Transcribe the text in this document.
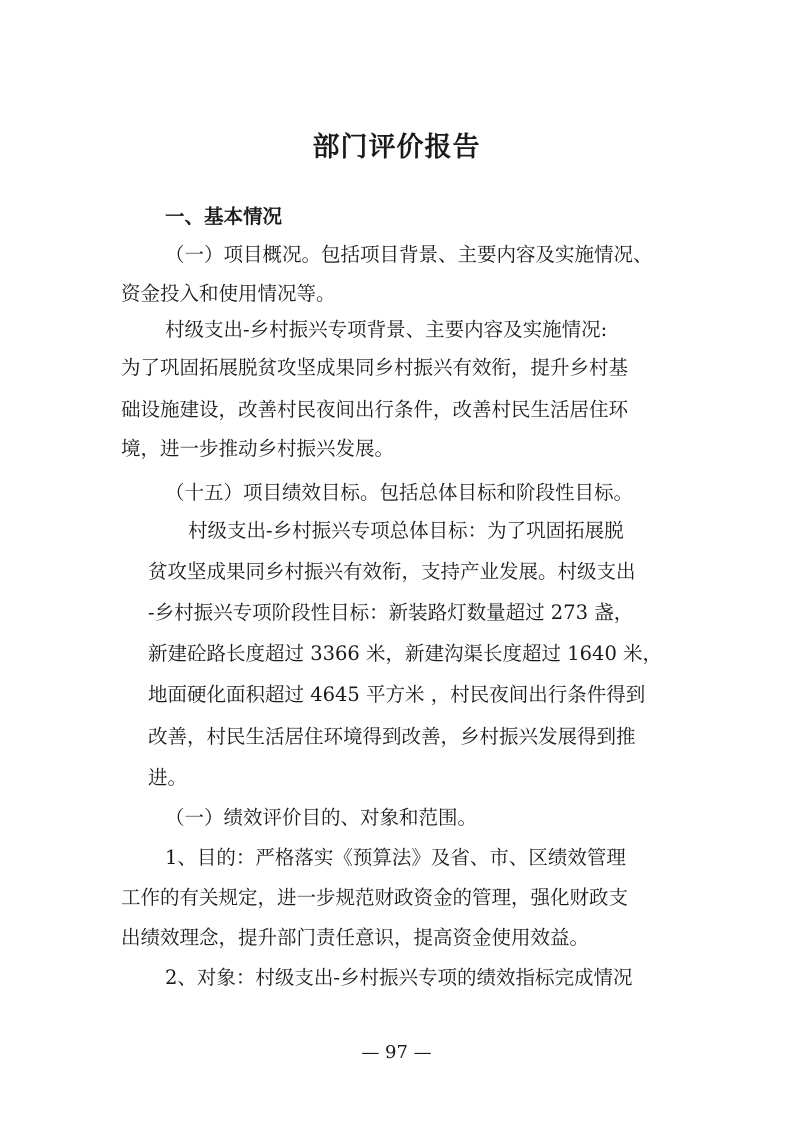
部门评价报告
一、基本情况
（一）项目概况。包括项目背景、主要内容及实施情况、
资金投入和使用情况等。
村级支出-乡村振兴专项背景、主要内容及实施情况:
为了巩固拓展脱贫攻坚成果同乡村振兴有效衔，提升乡村基
础设施建设，改善村民夜间出行条件，改善村民生活居住环
境，进一步推动乡村振兴发展。
（十五）项目绩效目标。包括总体目标和阶段性目标。
村级支出-乡村振兴专项总体目标：为了巩固拓展脱
贫攻坚成果同乡村振兴有效衔，支持产业发展。村级支出
-乡村振兴专项阶段性目标：新装路灯数量超过 273 盏，
新建砼路长度超过 3366 米，新建沟渠长度超过 1640 米，
地面硬化面积超过 4645 平方米 ，村民夜间出行条件得到
改善，村民生活居住环境得到改善，乡村振兴发展得到推
进。
（一）绩效评价目的、对象和范围。
1、目的：严格落实《预算法》及省、市、区绩效管理
工作的有关规定，进一步规范财政资金的管理，强化财政支
出绩效理念，提升部门责任意识，提高资金使用效益。
2、对象：村级支出-乡村振兴专项的绩效指标完成情况
— 97 —
